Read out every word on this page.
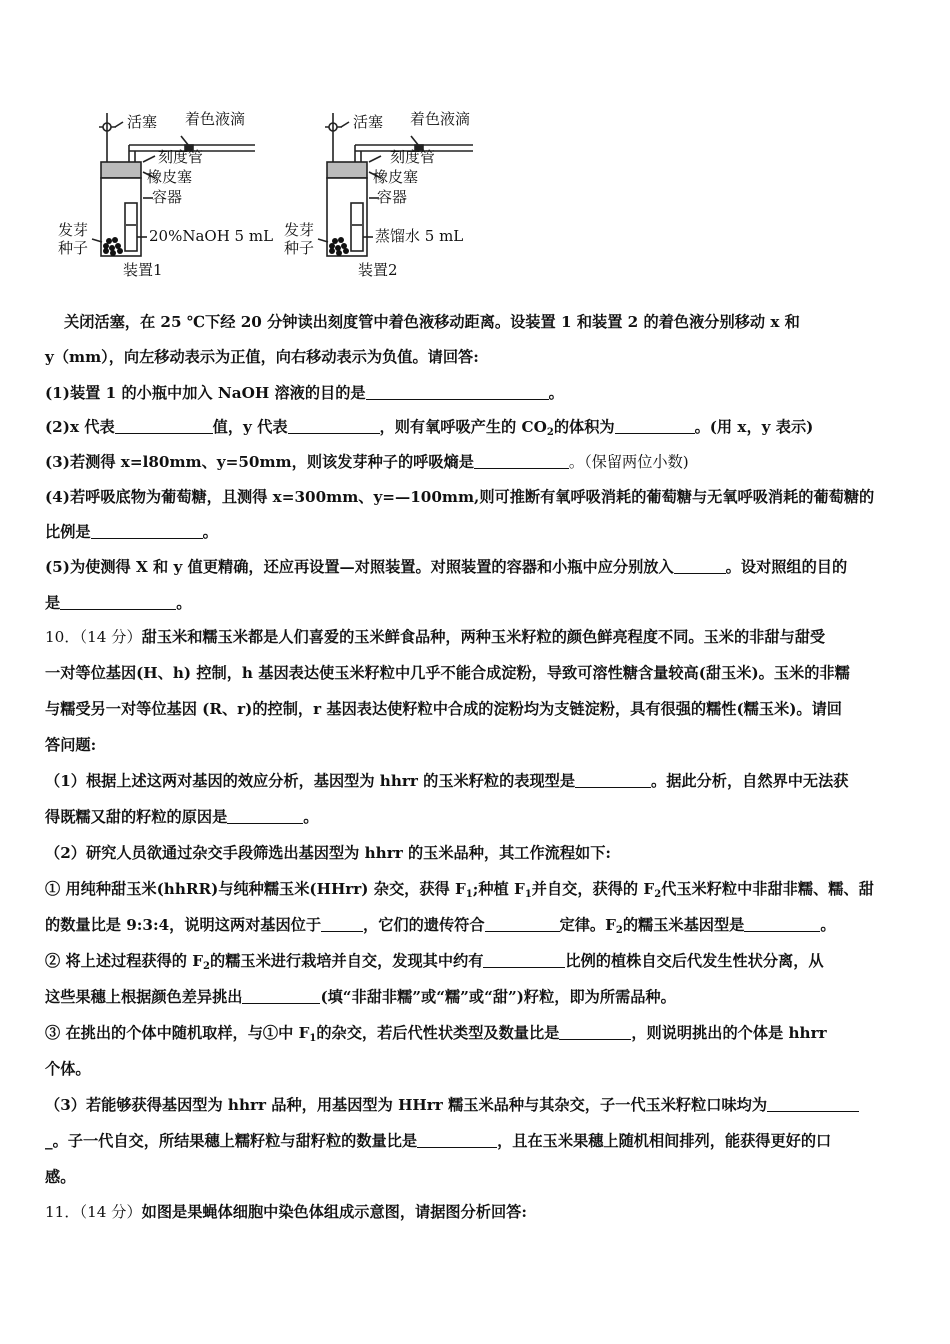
活塞 着色液滴
刻度管
橡皮塞
容器
发芽
种子
20%NaOH 5 mL
装置1
活塞 着色液滴
刻度管
橡皮塞
容器
发芽
种子
蒸馏水 5 mL
装置2
关闭活塞，在 25 ℃下经 20 分钟读出刻度管中着色液移动距离。设装置 1 和装置 2 的着色液分别移动 x 和
y（mm），向左移动表示为正值，向右移动表示为负值。请回答:
(1)装置 1 的小瓶中加入 NaOH 溶液的目的是	。
(2)x 代表	值，y 代表	，则有氧呼吸产生的 $CO_2$的体积为	。(用 x，y 表示)
(3)若测得 x=l80mm、y=50mm，则该发芽种子的呼吸熵是	。（保留两位小数)
(4)若呼吸底物为葡萄糖，且测得 x=300mm、y=—100mm,则可推断有氧呼吸消耗的葡萄糖与无氧呼吸消耗的葡萄糖的
比例是	。
(5)为使测得 X 和 y 值更精确，还应再设置—对照装置。对照装置的容器和小瓶中应分别放入	。设对照组的目的
是	。
10．（14 分）甜玉米和糯玉米都是人们喜爱的玉米鲜食品种，两种玉米籽粒的颜色鲜亮程度不同。玉米的非甜与甜受
一对等位基因(H、h) 控制，h 基因表达使玉米籽粒中几乎不能合成淀粉，导致可溶性糖含量较高(甜玉米)。玉米的非糯
与糯受另一对等位基因 (R、r)的控制，r 基因表达使籽粒中合成的淀粉均为支链淀粉，具有很强的糯性(糯玉米)。请回
答问题:
（1）根据上述这两对基因的效应分析，基因型为 hhrr 的玉米籽粒的表现型是	。据此分析，自然界中无法获
得既糯又甜的籽粒的原因是	。
（2）研究人员欲通过杂交手段筛选出基因型为 hhrr 的玉米品种，其工作流程如下:
① 用纯种甜玉米(hhRR)与纯种糯玉米(HHrr) 杂交，获得 $F_1$;种植 $F_1$并自交，获得的 $F_2$代玉米籽粒中非甜非糯、糯、甜
的数量比是 9:3:4，说明这两对基因位于	，它们的遗传符合	定律。$F_2$的糯玉米基因型是	。
② 将上述过程获得的 $F_2$的糯玉米进行栽培并自交，发现其中约有	比例的植株自交后代发生性状分离，从
这些果穗上根据颜色差异挑出	(填“非甜非糯”或“糯”或“甜”)籽粒，即为所需品种。
③ 在挑出的个体中随机取样，与①中 $F_1$的杂交，若后代性状类型及数量比是	，则说明挑出的个体是 hhrr
个体。
（3）若能够获得基因型为 hhrr 品种，用基因型为 HHrr 糯玉米品种与其杂交，子一代玉米籽粒口味均为
_。子一代自交，所结果穗上糯籽粒与甜籽粒的数量比是	，且在玉米果穗上随机相间排列，能获得更好的口
感。
11．（14 分）如图是果蝇体细胞中染色体组成示意图，请据图分析回答:
